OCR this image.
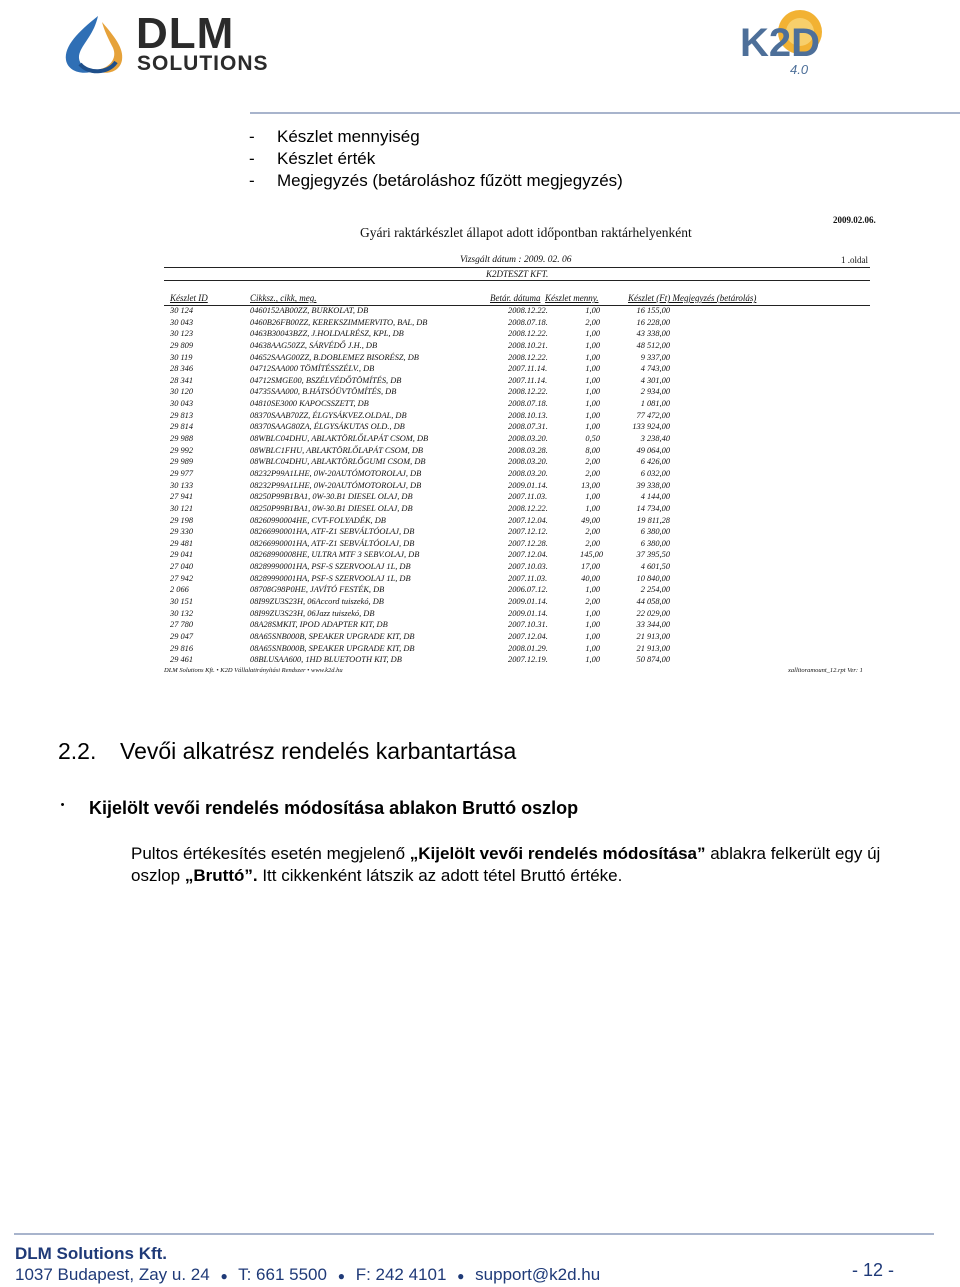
DLM
SOLUTIONS	K2D
4.0
- Készlet mennyiség
- Készlet érték
- Megjegyzés (betároláshoz fűzött megjegyzés)
2009.02.06.
Gyári raktárkészlet állapot adott időpontban raktárhelyenként
Vizsgált dátum : 2009. 02. 06	1 .oldal
K2DTESZT KFT.
Készlet ID	Cikksz., cikk, meg.	Betár. dátuma Készlet menny.	Készlet (Ft) Megjegyzés (betárolás)
30 124	0460152AB00ZZ, BURKOLAT, DB	2008.12.22.	1,00	16 155,00
30 043	0460B26FB00ZZ, KEREKSZIMMERVITO, BAL, DB	2008.07.18.	2,00	16 228,00
30 123	0463B30043BZZ, J.HOLDALRÉSZ, KPL, DB	2008.12.22.	1,00	43 338,00
29 809	04638AAG50ZZ, SÁRVÉDŐ J.H., DB	2008.10.21.	1,00	48 512,00
30 119	04652SAAG00ZZ, B.DOBLEMEZ BISORÉSZ, DB	2008.12.22.	1,00	9 337,00
28 346	04712SAA000 TÖMÍTÉSSZÉLV., DB	2007.11.14.	1,00	4 743,00
28 341	04712SMGE00, BSZÉLVÉDŐTÖMÍTÉS, DB	2007.11.14.	1,00	4 301,00
30 120	04735SAA000, B.HÁTSÓÜVTÖMÍTÉS, DB	2008.12.22.	1,00	2 934,00
30 043	04810SE3000 KAPOCSSZETT, DB	2008.07.18.	1,00	1 081,00
29 813	08370SAAB70ZZ, ÉLGYSÁKVEZ.OLDAL, DB	2008.10.13.	1,00	77 472,00
29 814	08370SAAG80ZA, ÉLGYSÁKUTAS OLD., DB	2008.07.31.	1,00	133 924,00
29 988	08WBLC04DHU, ABLAKTÖRLŐLAPÁT CSOM, DB	2008.03.20.	0,50	3 238,40
29 992	08WBLC1FHU, ABLAKTÖRLŐLAPÁT CSOM, DB	2008.03.28.	8,00	49 064,00
29 989	08WBLC04DHU, ABLAKTÖRLŐGUMI CSOM, DB	2008.03.20.	2,00	6 426,00
29 977	08232P99A1LHE, 0W-20AUTÓMOTOROLAJ, DB	2008.03.20.	2,00	6 032,00
30 133	08232P99A1LHE, 0W-20AUTÓMOTOROLAJ, DB	2009.01.14.	13,00	39 338,00
27 941	08250P99B1BA1, 0W-30.B1 DIESEL OLAJ, DB	2007.11.03.	1,00	4 144,00
30 121	08250P99B1BA1, 0W-30.B1 DIESEL OLAJ, DB	2008.12.22.	1,00	14 734,00
29 198	08260990004HE, CVT-FOLYADÉK, DB	2007.12.04.	49,00	19 811,28
29 330	08266990001HA, ATF-Z1 SEBVÁLTÓOLAJ, DB	2007.12.12.	2,00	6 380,00
29 481	08266990001HA, ATF-Z1 SEBVÁLTÓOLAJ, DB	2007.12.28.	2,00	6 380,00
29 041	08268990008HE, ULTRA MTF 3 SEBV.OLAJ, DB	2007.12.04.	145,00	37 395,50
27 040	08289990001HA, PSF-S SZERVOOLAJ 1L, DB	2007.10.03.	17,00	4 601,50
27 942	08289990001HA, PSF-S SZERVOOLAJ 1L, DB	2007.11.03.	40,00	10 840,00
2 066	08708G98P0HE, JAVÍTÓ FESTÉK, DB	2006.07.12.	1,00	2 254,00
30 151	08I99ZU3S23H, 06Accord tuiszekó, DB	2009.01.14.	2,00	44 058,00
30 132	08I99ZU3S23H, 06Jazz tuiszekó, DB	2009.01.14.	1,00	22 029,00
27 780	08A28SMKIT, IPOD ADAPTER KIT, DB	2007.10.31.	1,00	33 344,00
29 047	08A65SNB000B, SPEAKER UPGRADE KIT, DB	2007.12.04.	1,00	21 913,00
29 816	08A65SNB000B, SPEAKER UPGRADE KIT, DB	2008.01.29.	1,00	21 913,00
29 461	08BLUSAA600, 1HD BLUETOOTH KIT, DB	2007.12.19.	1,00	50 874,00
DLM Solutions Kft. • K2D Vállalatirányítási Rendszer • www.k2d.hu	xallitoramount_12.rpt Ver: 1
2.2. Vevői alkatrész rendelés karbantartása
• Kijelölt vevői rendelés módosítása ablakon Bruttó oszlop
Pultos értékesítés esetén megjelenő „Kijelölt vevői rendelés módosítása” ablakra felkerült egy új oszlop „Bruttó”. Itt cikkenként látszik az adott tétel Bruttó értéke.
DLM Solutions Kft.
1037 Budapest, Zay u. 24 ● T: 661 5500 ● F: 242 4101 ● support@k2d.hu	- 12 -
